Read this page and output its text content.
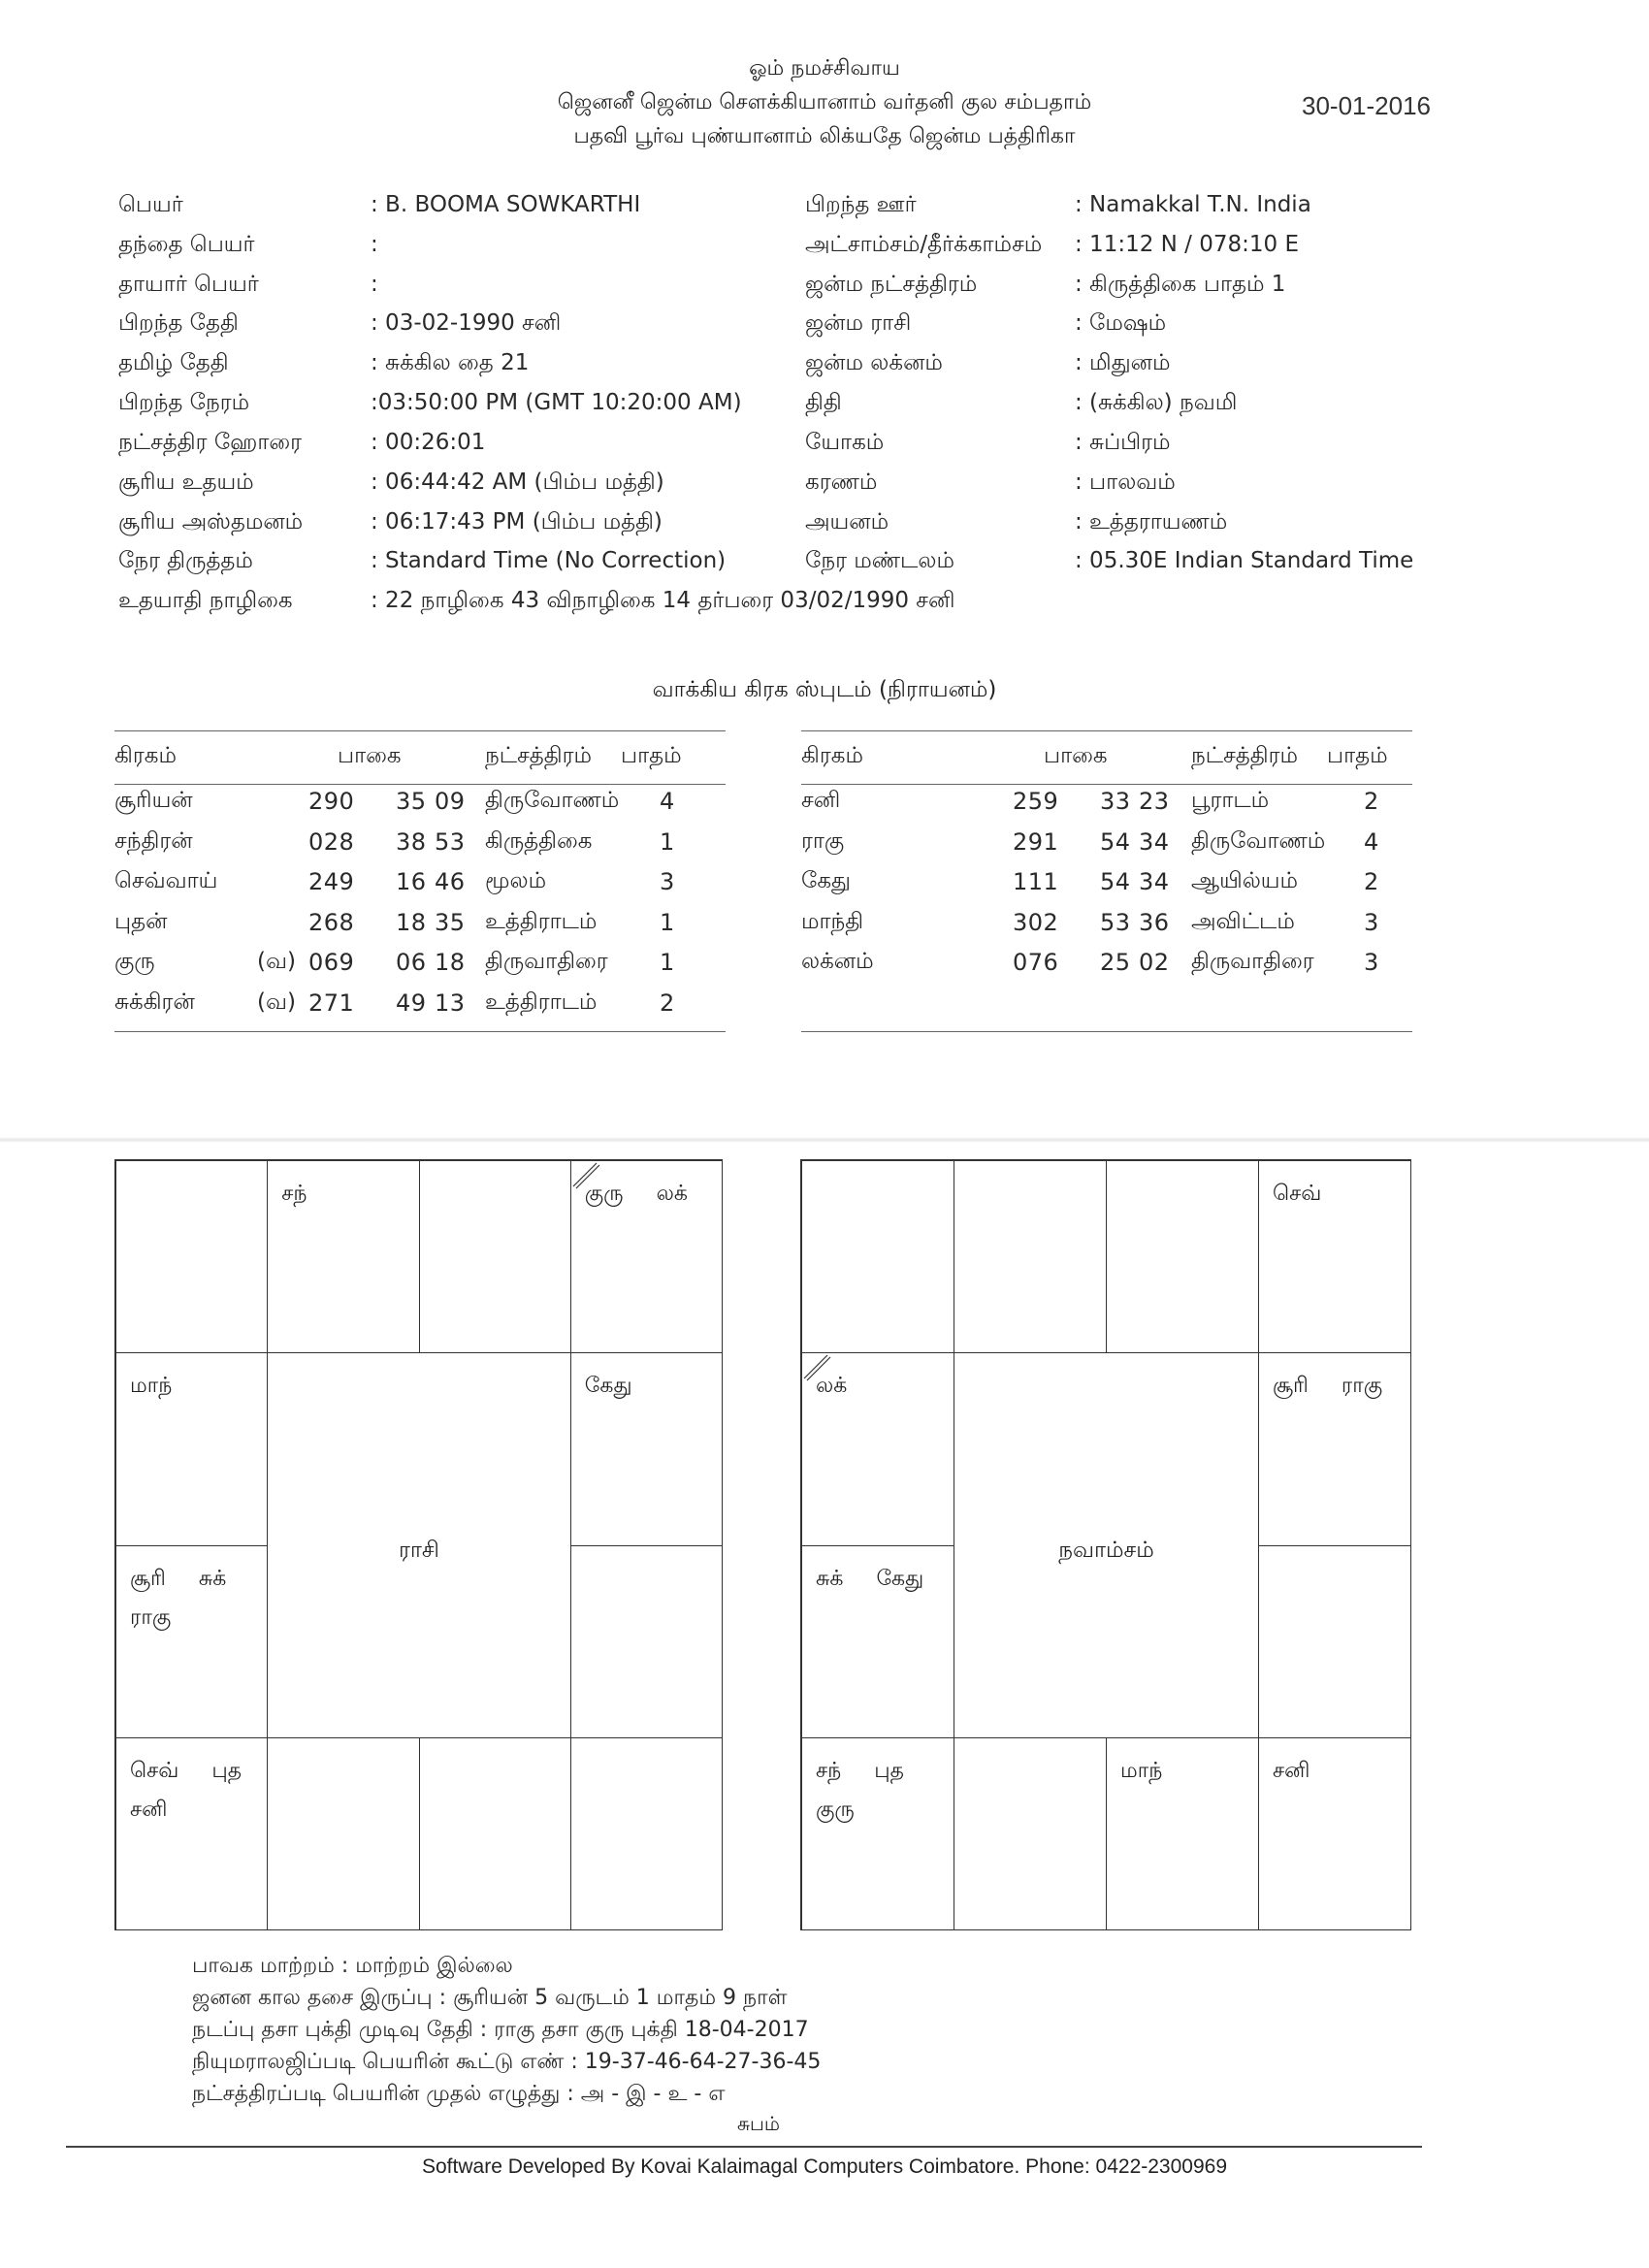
ஓம் நமச்சிவாய
ஜெனனீ ஜென்ம சௌக்கியானாம் வர்தனி குல சம்பதாம்
பதவி பூர்வ புண்யானாம் லிக்யதே ஜென்ம பத்திரிகா
30-01-2016
பெயர்	: B. BOOMA SOWKARTHI
தந்தை பெயர்	:
தாயார் பெயர்	:
பிறந்த தேதி	: 03-02-1990 சனி
தமிழ் தேதி	: சுக்கில தை 21
பிறந்த நேரம்	:03:50:00 PM (GMT 10:20:00 AM)
நட்சத்திர ஹோரை	: 00:26:01
சூரிய உதயம்	: 06:44:42 AM (பிம்ப மத்தி)
சூரிய அஸ்தமனம்	: 06:17:43 PM (பிம்ப மத்தி)
நேர திருத்தம்	: Standard Time (No Correction)
உதயாதி நாழிகை	: 22 நாழிகை 43 விநாழிகை 14 தர்பரை 03/02/1990 சனி
பிறந்த ஊர்	: Namakkal T.N. India
அட்சாம்சம்/தீர்க்காம்சம் : 11:12 N / 078:10 E
ஜன்ம நட்சத்திரம்	: கிருத்திகை பாதம் 1
ஜன்ம ராசி	: மேஷம்
ஜன்ம லக்னம்	: மிதுனம்
திதி	: (சுக்கில) நவமி
யோகம்	: சுப்பிரம்
கரணம்	: பாலவம்
அயனம்	: உத்தராயணம்
நேர மண்டலம்	: 05.30E Indian Standard Time
வாக்கிய கிரக ஸ்புடம் (நிராயனம்)
கிரகம்	பாகை	நட்சத்திரம் பாதம்
சூரியன்	290 35 09 திருவோணம் 4
சந்திரன்	028 38 53 கிருத்திகை	1
செவ்வாய்	249 16 46 மூலம்	3
புதன்	268 18 35 உத்திராடம்	1
குரு	(வ) 069 06 18 திருவாதிரை 1
சுக்கிரன்	(வ) 271 49 13 உத்திராடம்	2
கிரகம்	பாகை	நட்சத்திரம் பாதம்
சனி	259 33 23 பூராடம்	2
ராகு	291 54 34 திருவோணம் 4
கேது	111 54 34 ஆயில்யம்	2
மாந்தி	302 53 36 அவிட்டம்	3
லக்னம்	076 25 02 திருவாதிரை 3
சந்	குரு லக்
மாந்	கேது
சூரி சுக்
ராகு
செவ் புத
சனி
ராசி
செவ்
லக்	சூரி ராகு
சுக் கேது
சந் புத
குரு
மாந்	சனி
நவாம்சம்
பாவக மாற்றம் : மாற்றம் இல்லை
ஜனன கால தசை இருப்பு : சூரியன் 5 வருடம் 1 மாதம் 9 நாள்
நடப்பு தசா புக்தி முடிவு தேதி : ராகு தசா குரு புக்தி 18-04-2017
நியுமராலஜிப்படி பெயரின் கூட்டு எண் : 19-37-46-64-27-36-45
நட்சத்திரப்படி பெயரின் முதல் எழுத்து : அ - இ - உ - எ
சுபம்
Software Developed By Kovai Kalaimagal Computers Coimbatore. Phone: 0422-2300969
